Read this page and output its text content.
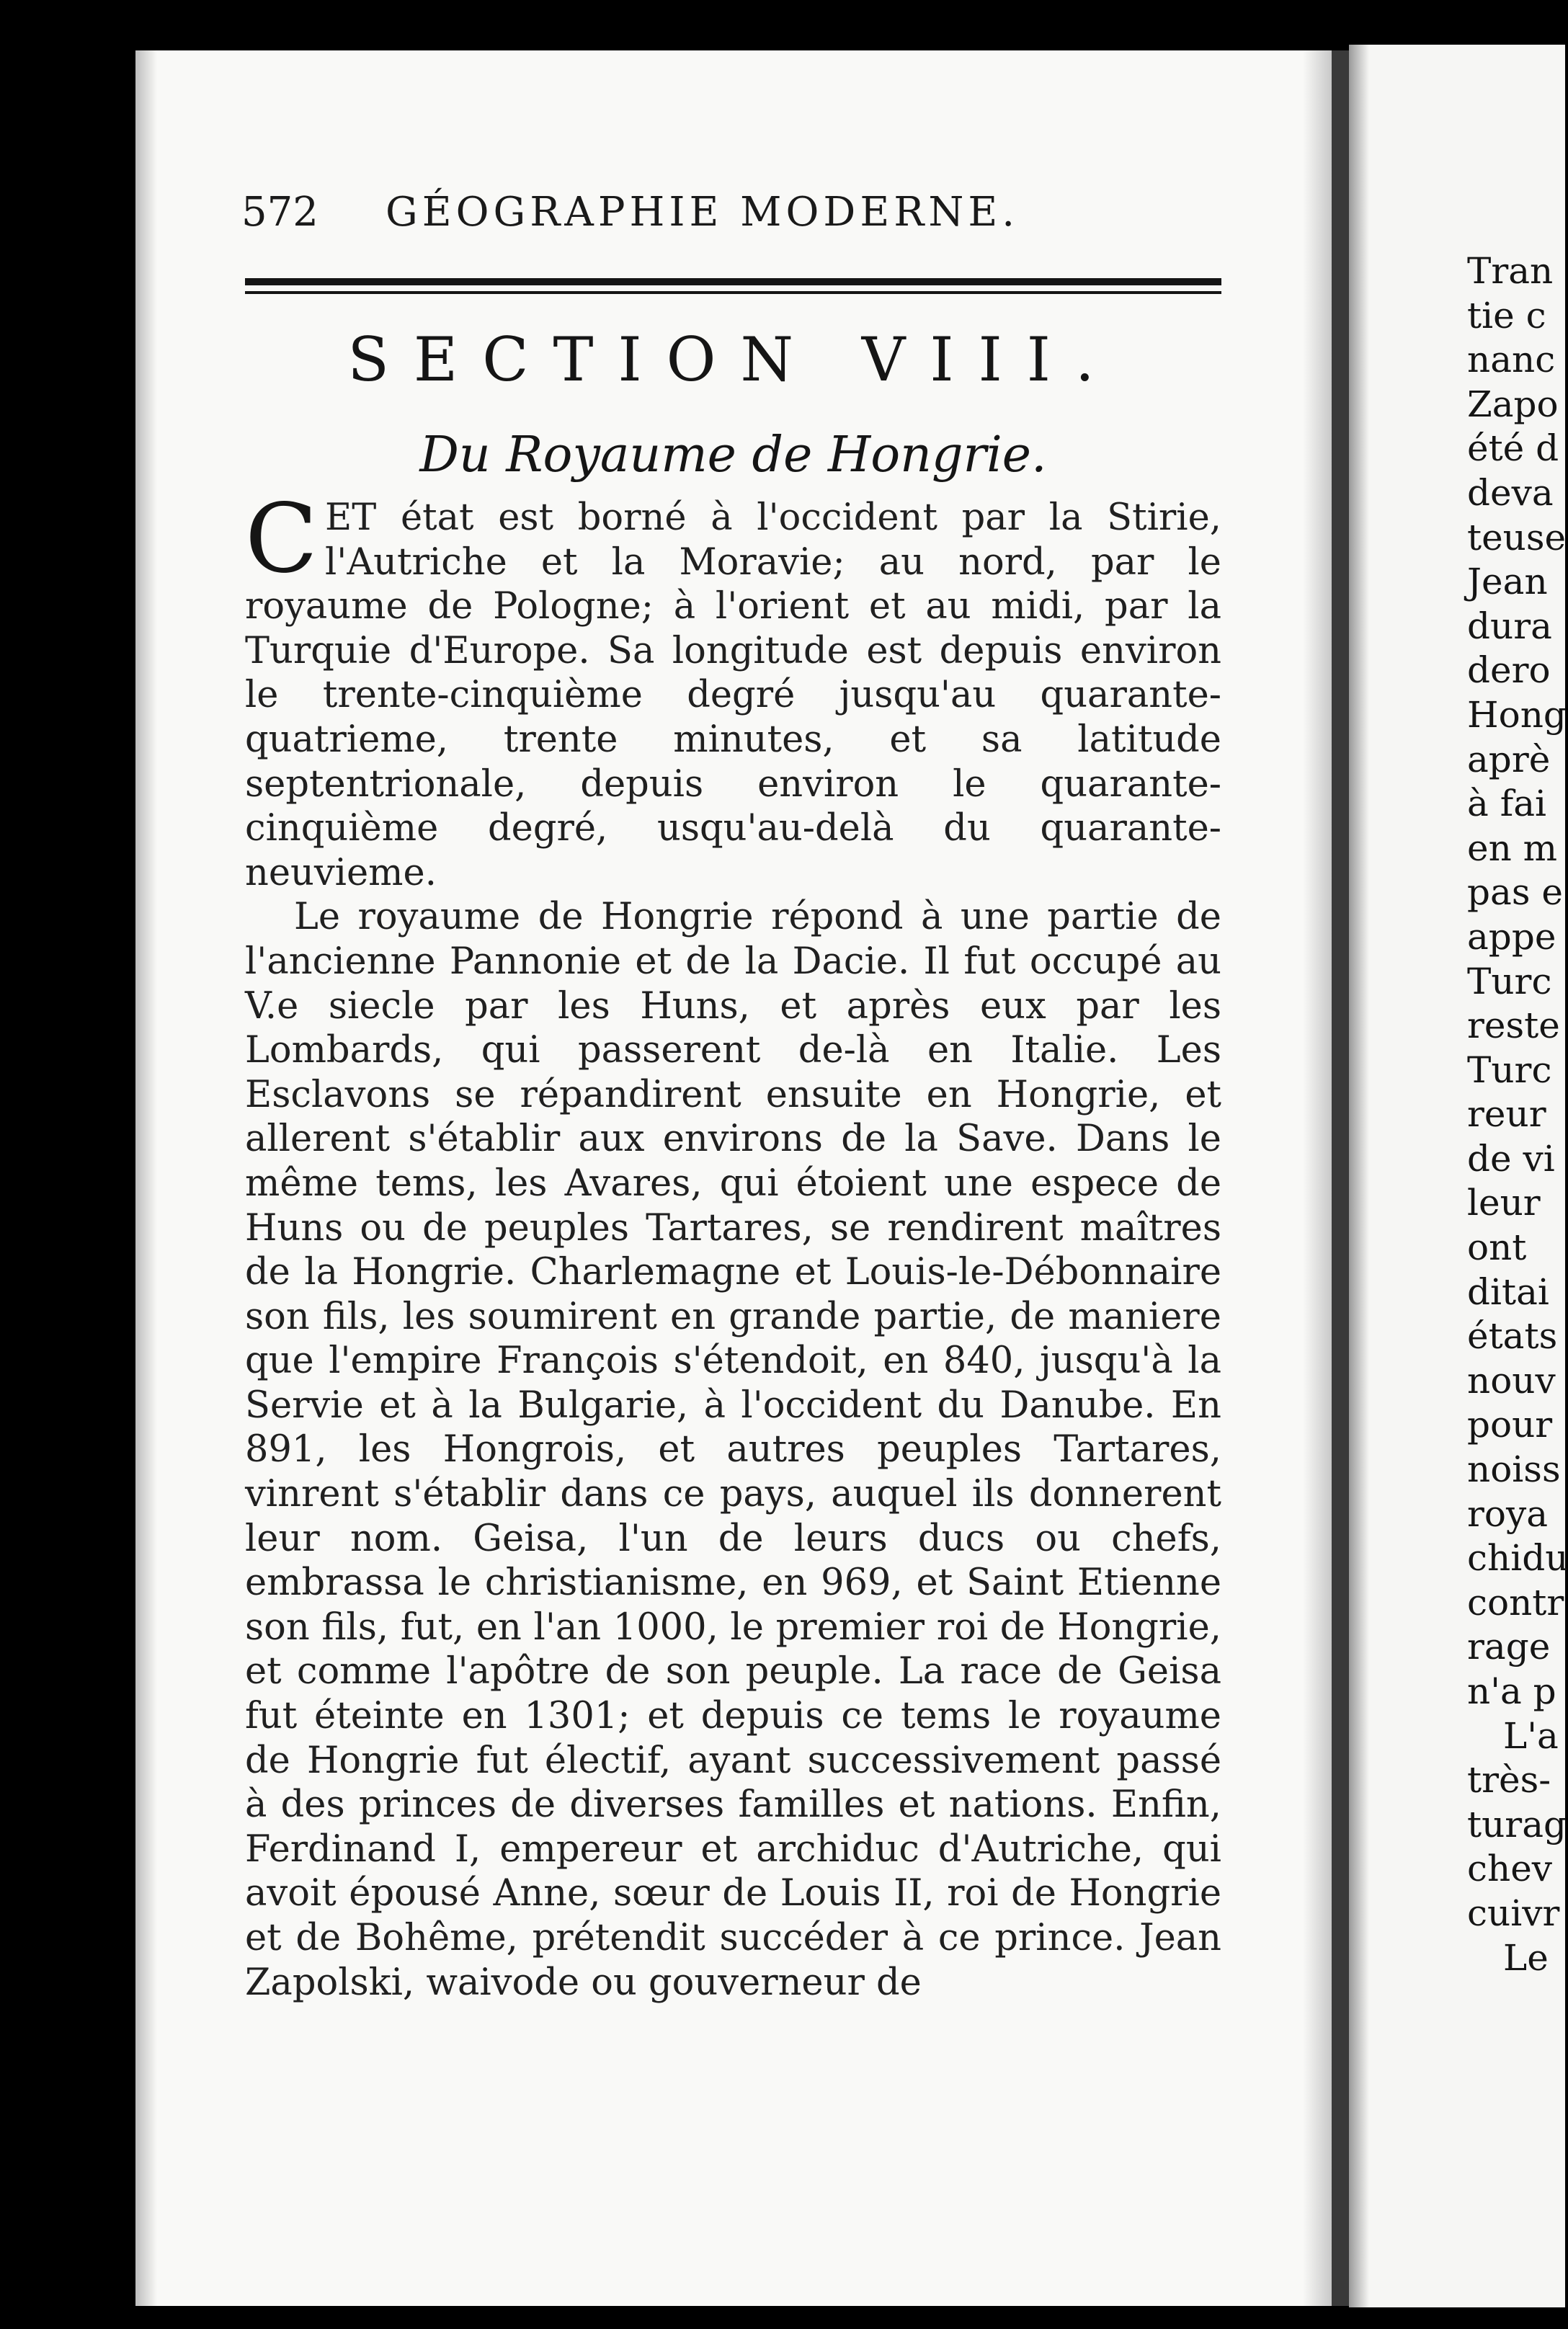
572 GÉOGRAPHIE MODERNE.
SECTION VIII.
Du Royaume de Hongrie.

CET état est borné à l'occident par la Stirie, l'Autriche et la Moravie; au nord, par le royaume de Pologne; à l'orient et au midi, par la Turquie d'Europe. Sa longitude est depuis environ le trente-cinquième degré jusqu'au quarante-quatrieme, trente minutes, et sa latitude septentrionale, depuis environ le quarante-cinquième degré, usqu'au-delà du quarante-neuvieme.

Le royaume de Hongrie répond à une partie de l'ancienne Pannonie et de la Dacie. Il fut occupé au V.e siecle par les Huns, et après eux par les Lombards, qui passerent de-là en Italie. Les Esclavons se répandirent ensuite en Hongrie, et allerent s'établir aux environs de la Save. Dans le même tems, les Avares, qui étoient une espece de Huns ou de peuples Tartares, se rendirent maîtres de la Hongrie. Charlemagne et Louis-le-Débonnaire son fils, les soumirent en grande partie, de maniere que l'empire François s'étendoit, en 840, jusqu'à la Servie et à la Bulgarie, à l'occident du Danube. En 891, les Hongrois, et autres peuples Tartares, vinrent s'établir dans ce pays, auquel ils donnerent leur nom. Geisa, l'un de leurs ducs ou chefs, embrassa le christianisme, en 969, et Saint Etienne son fils, fut, en l'an 1000, le premier roi de Hongrie, et comme l'apôtre de son peuple. La race de Geisa fut éteinte en 1301; et depuis ce tems le royaume de Hongrie fut électif, ayant successivement passé à des princes de diverses familles et nations. Enfin, Ferdinand I, empereur et archiduc d'Autriche, qui avoit épousé Anne, sœur de Louis II, roi de Hongrie et de Bohême, prétendit succéder à ce prince. Jean Zapolski, waivode ou gouverneur de

Tran
tie c
nanc
Zapo
été d
deva
teuse
Jean
dura
dero
Hong
aprè
à fai
en m
pas e
appe
Turc
reste
Turc
reur
de vi
leur
ont
ditai
états
nouv
pour
noiss
roya
chidu
contr
rage
n'a p
L'a
très-
turag
chev
cuivr
Le
